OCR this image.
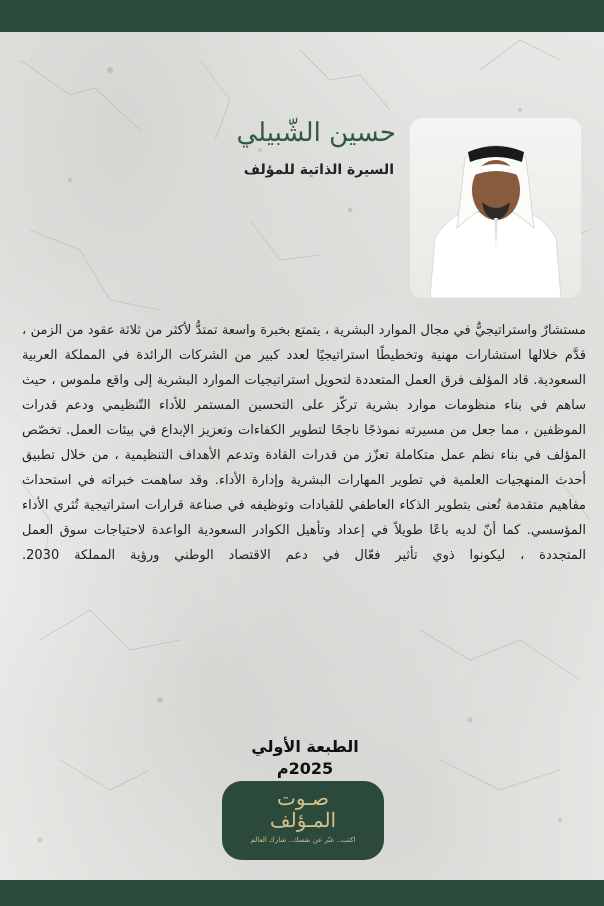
حسين الشّبيلي
السيرة الذاتية للمؤلف

مستشارٌ واستراتيجيٌّ في مجال الموارد البشرية ، يتمتع بخبرة واسعة تمتدُّ لأكثر من ثلاثة عقود من الزمن ، قدَّم خلالها استشارات مهنية وتخطيطًا استراتيجيًا لعدد كبير من الشركات الرائدة في المملكة العربية السعودية. قاد المؤلف فرق العمل المتعددة لتحويل استراتيجيات الموارد البشرية إلى واقع ملموس ، حيث ساهم في بناء منظومات موارد بشرية تركّز على التحسين المستمر للأداء التّنظيمي ودعم قدرات الموظفين ، مما جعل من مسيرته نموذجًا ناجحًا لتطوير الكفاءات وتعزيز الإبداع في بيئات العمل. تخصّص المؤلف في بناء نظم عمل متكاملة تعزّز من قدرات القادة وتدعم الأهداف التنظيمية ، من خلال تطبيق أحدث المنهجيات العلمية في تطوير المهارات البشرية وإدارة الأداء. وقد ساهمت خبراته في استحداث مفاهيم متقدمة تُعنى بتطوير الذكاء العاطفي للقيادات وتوظيفه في صناعة قرارات استراتيجية تُثري الأداء المؤسسي. كما أنّ لديه باعًا طويلاً في إعداد وتأهيل الكوادر السعودية الواعدة لاحتياجات سوق العمل المتجددة ، ليكونوا ذوي تأثير فعّال في دعم الاقتصاد الوطني ورؤية المملكة 2030.

الطبعة الأولي
2025م
صـوت
المـؤلف
اكتب.. عبّر عن نفسك.. شارك العالم
